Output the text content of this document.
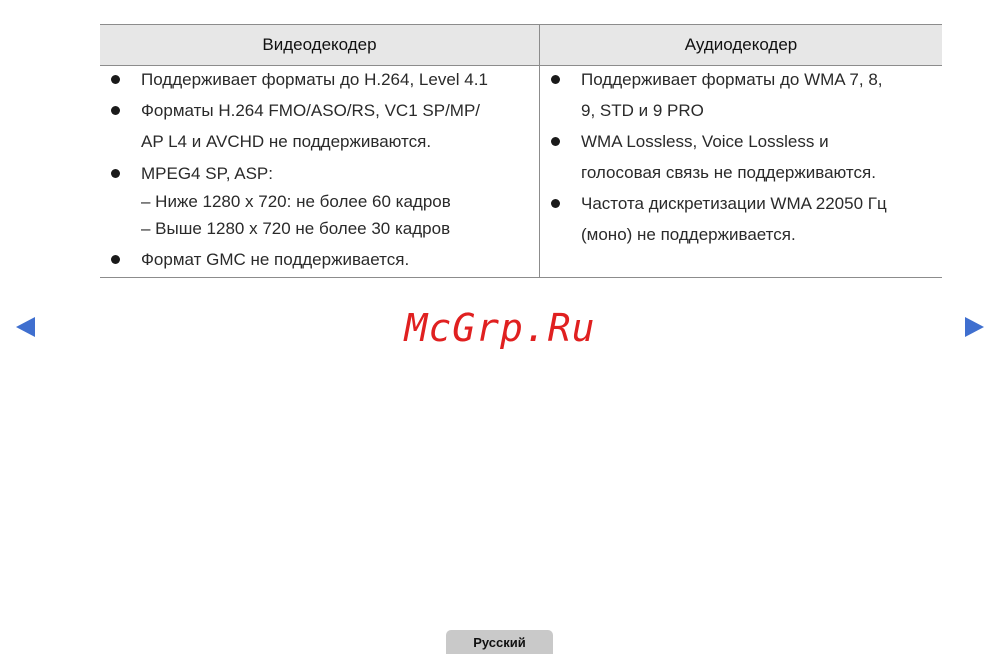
Видеодекодер	Аудиодекодер
Поддерживает форматы до H.264, Level 4.1
Форматы H.264 FMO/ASO/RS, VC1 SP/MP/
AP L4 и AVCHD не поддерживаются.
MPEG4 SP, ASP:
– Ниже 1280 x 720: не более 60 кадров
– Выше 1280 x 720 не более 30 кадров
Формат GMC не поддерживается.
Поддерживает форматы до WMA 7, 8,
9, STD и 9 PRO
WMA Lossless, Voice Lossless и
голосовая связь не поддерживаются.
Частота дискретизации WMA 22050 Гц
(моно) не поддерживается.
McGrp.Ru
Русский
